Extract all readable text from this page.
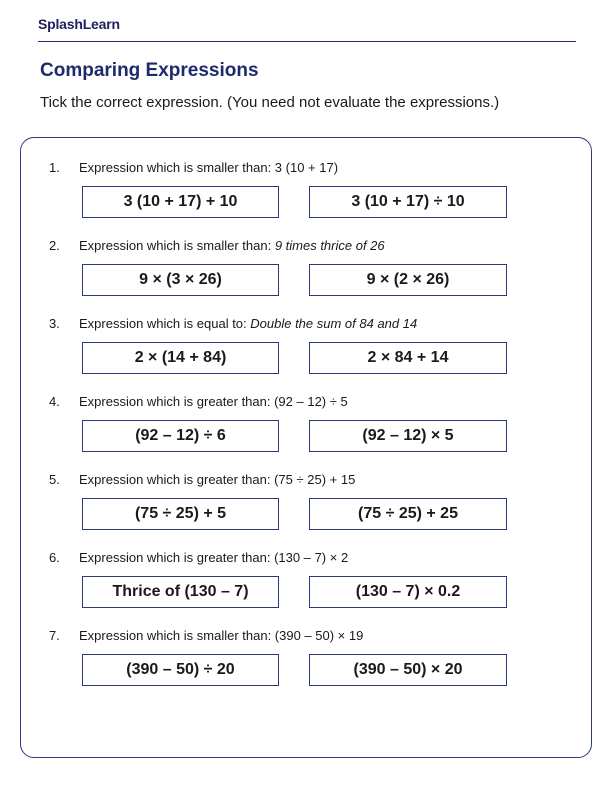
SplashLearn
Comparing Expressions
Tick the correct expression. (You need not evaluate the expressions.)
1. Expression which is smaller than: 3 (10 + 17)
3 (10 + 17) + 10	3 (10 + 17) ÷ 10
2. Expression which is smaller than: 9 times thrice of 26
9 × (3 × 26)	9 × (2 × 26)
3. Expression which is equal to: Double the sum of 84 and 14
2 × (14 + 84)	2 × 84 + 14
4. Expression which is greater than: (92 – 12) ÷ 5
(92 – 12) ÷ 6	(92 – 12) × 5
5. Expression which is greater than: (75 ÷ 25) + 15
(75 ÷ 25) + 5	(75 ÷ 25) + 25
6. Expression which is greater than: (130 – 7) × 2
Thrice of (130 – 7)	(130 – 7) × 0.2
7. Expression which is smaller than: (390 – 50) × 19
(390 – 50) ÷ 20	(390 – 50) × 20
